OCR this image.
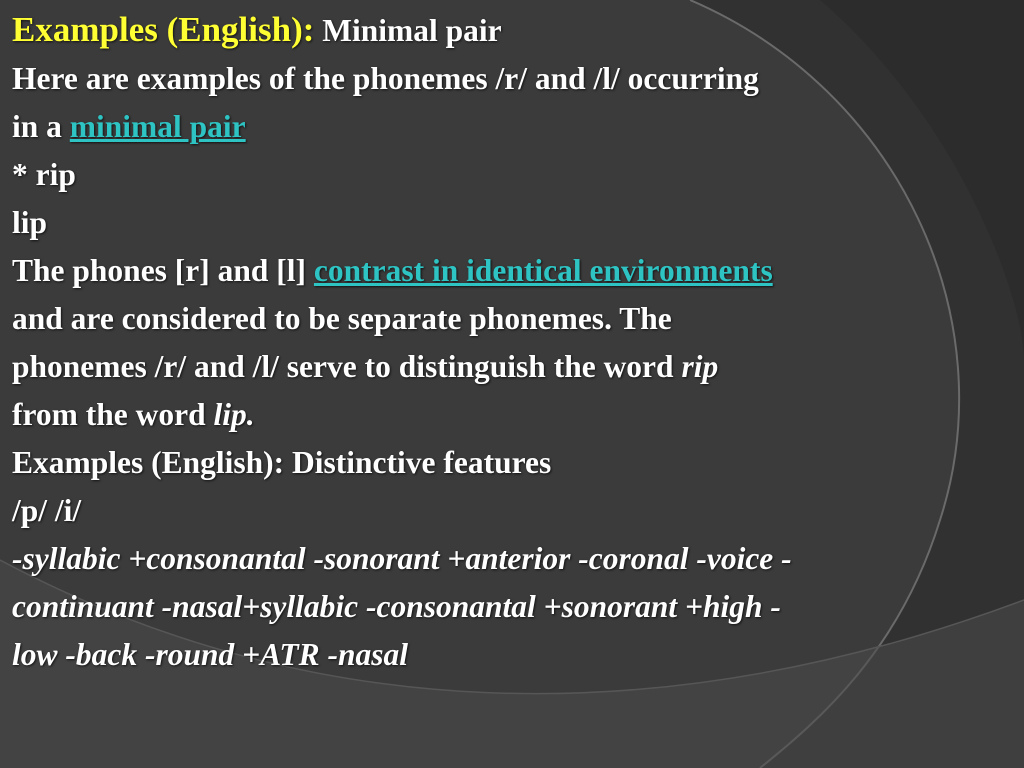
Examples (English): Minimal pair
Here are examples of the phonemes /r/ and /l/ occurring
in a minimal pair
* rip
lip
The phones [r] and [l] contrast in identical environments
and are considered to be separate phonemes. The
phonemes /r/ and /l/ serve to distinguish the word rip
from the word lip.
Examples (English): Distinctive features
/p/ /i/
-syllabic +consonantal -sonorant +anterior -coronal -voice -
continuant -nasal+syllabic -consonantal +sonorant +high -
low -back -round +ATR -nasal
